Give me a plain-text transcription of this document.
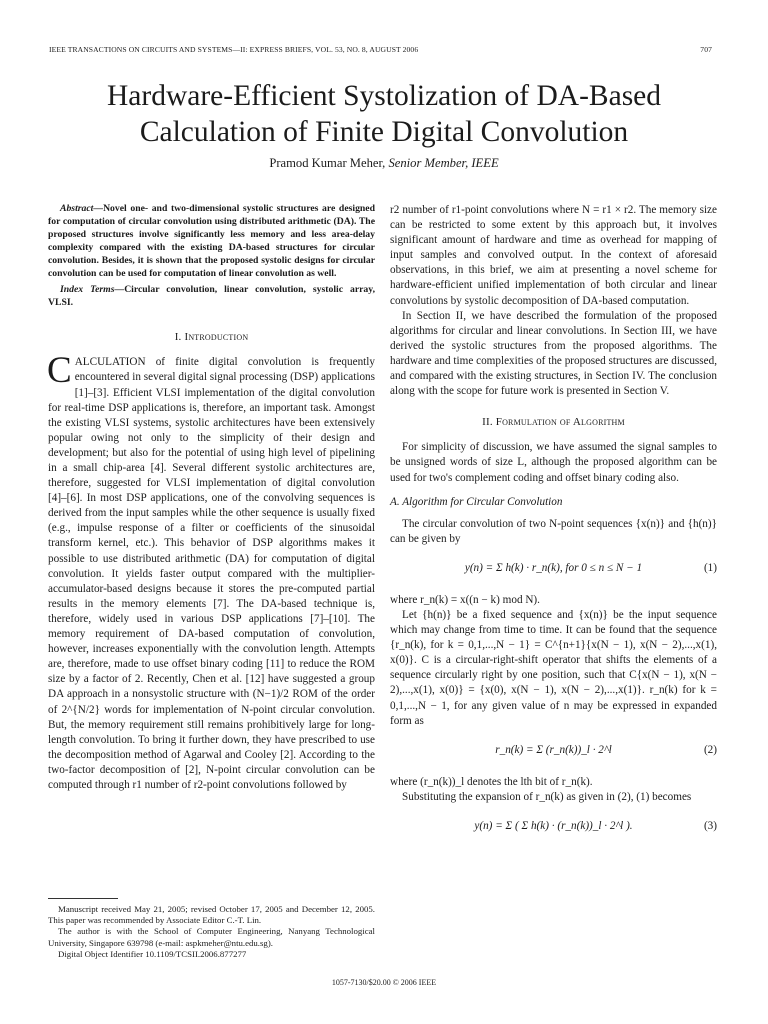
IEEE TRANSACTIONS ON CIRCUITS AND SYSTEMS—II: EXPRESS BRIEFS, VOL. 53, NO. 8, AUGUST 2006	707
Hardware-Efficient Systolization of DA-Based
Calculation of Finite Digital Convolution
Pramod Kumar Meher, Senior Member, IEEE

Abstract—Novel one- and two-dimensional systolic structures are designed for computation of circular convolution using distributed arithmetic (DA). The proposed structures involve significantly less memory and less area-delay complexity compared with the existing DA-based structures for circular convolution. Besides, it is shown that the proposed systolic designs for circular convolution can be used for computation of linear convolution as well.

Index Terms—Circular convolution, linear convolution, systolic array, VLSI.

I. Introduction

CALCULATION of finite digital convolution is frequently encountered in several digital signal processing (DSP) applications [1]–[3]. Efficient VLSI implementation of the digital convolution for real-time DSP applications is, therefore, an important task. Amongst the existing VLSI systems, systolic architectures have been extensively popular owing not only to the simplicity of their design and development; but also for the potential of using high level of pipelining in a small chip-area [4]. Several different systolic architectures are, therefore, suggested for VLSI implementation of digital convolution [4]–[6]. In most DSP applications, one of the convolving sequences is derived from the input samples while the other sequence is usually fixed (e.g., impulse response of a filter or coefficients of the sinusoidal transform kernel, etc.). This behavior of DSP algorithms makes it possible to use distributed arithmetic (DA) for computation of digital convolution. It yields faster output compared with the multiplier-accumulator-based designs because it stores the pre-computed partial results in the memory elements [7]. The DA-based technique is, therefore, widely used in various DSP applications [7]–[10]. The memory requirement of DA-based computation of convolution, however, increases exponentially with the convolution length. Attempts are, therefore, made to use offset binary coding [11] to reduce the ROM size by a factor of 2. Recently, Chen et al. [12] have suggested a group DA approach in a nonsystolic structure with (N−1)/2 ROM of the order of 2^{N/2} words for implementation of N-point circular convolution. But, the memory requirement still remains prohibitively large for long-length convolution. To bring it further down, they have prescribed to use the decomposition method of Agarwal and Cooley [2]. According to the two-factor decomposition of [2], N-point circular convolution can be computed through r1 number of r2-point convolutions followed by

r2 number of r1-point convolutions where N = r1 × r2. The memory size can be restricted to some extent by this approach but, it involves significant amount of hardware and time as overhead for mapping of input samples and convolved output. In the context of aforesaid observations, in this brief, we aim at presenting a novel scheme for hardware-efficient unified implementation of both circular and linear convolutions by systolic decomposition of DA-based computation.

In Section II, we have described the formulation of the proposed algorithms for circular and linear convolutions. In Section III, we have derived the systolic structures from the proposed algorithms. The hardware and time complexities of the proposed structures are discussed, and compared with the existing structures, in Section IV. The conclusion along with the scope for future work is presented in Section V.

II. Formulation of Algorithm

For simplicity of discussion, we have assumed the signal samples to be unsigned words of size L, although the proposed algorithm can be used for two's complement coding and offset binary coding also.

A. Algorithm for Circular Convolution

The circular convolution of two N-point sequences {x(n)} and {h(n)} can be given by

y(n) = Σ h(k) · r_n(k), for 0 ≤ n ≤ N − 1	(1)

where r_n(k) = x((n − k) mod N).

Let {h(n)} be a fixed sequence and {x(n)} be the input sequence which may change from time to time. It can be found that the sequence {r_n(k), for k = 0,1,...,N − 1} = C^{n+1}{x(N − 1), x(N − 2),...,x(1), x(0)}. C is a circular-right-shift operator that shifts the elements of a sequence circularly right by one position, such that C{x(N − 1), x(N − 2),...,x(1), x(0)} = {x(0), x(N − 1), x(N − 2),...,x(1)}. r_n(k) for k = 0,1,...,N − 1, for any given value of n may be expressed in expanded form as

r_n(k) = Σ (r_n(k))_l · 2^l	(2)

where (r_n(k))_l denotes the lth bit of r_n(k).

Substituting the expansion of r_n(k) as given in (2), (1) becomes

y(n) = Σ ( Σ h(k) · (r_n(k))_l · 2^l ).	(3)

Manuscript received May 21, 2005; revised October 17, 2005 and December 12, 2005. This paper was recommended by Associate Editor C.-T. Lin.

The author is with the School of Computer Engineering, Nanyang Technological University, Singapore 639798 (e-mail: aspkmeher@ntu.edu.sg).

Digital Object Identifier 10.1109/TCSII.2006.877277

1057-7130/$20.00 © 2006 IEEE
